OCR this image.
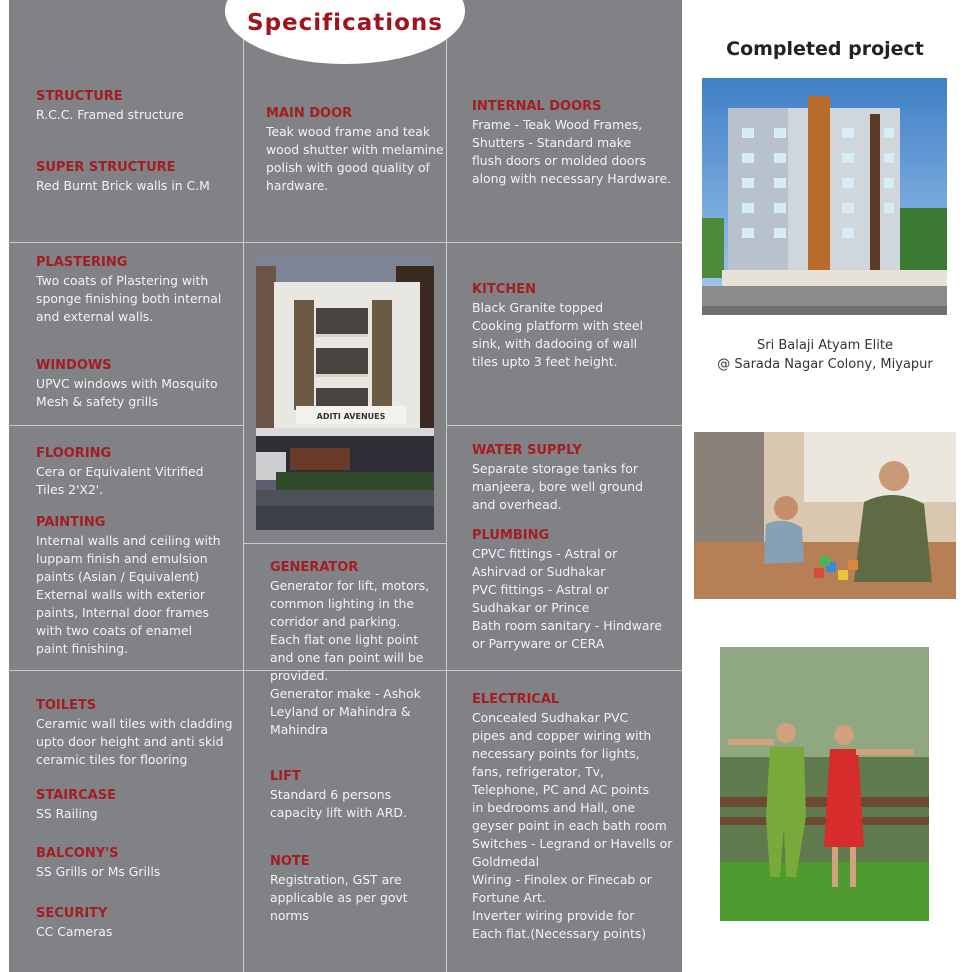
Specifications
STRUCTURE
R.C.C. Framed structure
SUPER STRUCTURE
Red Burnt Brick walls in C.M
PLASTERING
Two coats of Plastering with
sponge finishing both internal
and external walls.
WINDOWS
UPVC windows with Mosquito
Mesh & safety grills
FLOORING
Cera or Equivalent Vitrified
Tiles 2'X2'.
PAINTING
Internal walls and ceiling with
luppam finish and emulsion
paints (Asian / Equivalent)
External walls with exterior
paints, Internal door frames
with two coats of enamel
paint finishing.
TOILETS
Ceramic wall tiles with cladding
upto door height and anti skid
ceramic tiles for flooring
STAIRCASE
SS Railing
BALCONY'S
SS Grills or Ms Grills
SECURITY
CC Cameras
MAIN DOOR
Teak wood frame and teak
wood shutter with melamine
polish with good quality of
hardware.
ADITI AVENUES
GENERATOR
Generator for lift, motors,
common lighting in the
corridor and parking.
Each flat one light point
and one fan point will be
provided.
Generator make - Ashok
Leyland or Mahindra &
Mahindra
LIFT
Standard 6 persons
capacity lift with ARD.
NOTE
Registration, GST are
applicable as per govt
norms
INTERNAL DOORS
Frame - Teak Wood Frames,
Shutters - Standard make
flush doors or molded doors
along with necessary Hardware.
KITCHEN
Black Granite topped
Cooking platform with steel
sink, with dadooing of wall
tiles upto 3 feet height.
WATER SUPPLY
Separate storage tanks for
manjeera, bore well ground
and overhead.
PLUMBING
CPVC fittings - Astral or
Ashirvad or Sudhakar
PVC fittings - Astral or
Sudhakar or Prince
Bath room sanitary - Hindware
or Parryware or CERA
ELECTRICAL
Concealed Sudhakar PVC
pipes and copper wiring with
necessary points for lights,
fans, refrigerator, Tv,
Telephone, PC and AC points
in bedrooms and Hall, one
geyser point in each bath room
Switches - Legrand or Havells or
Goldmedal
Wiring - Finolex or Finecab or
Fortune Art.
Inverter wiring provide for
Each flat.(Necessary points)
Completed project
Sri Balaji Atyam Elite
@ Sarada Nagar Colony, Miyapur
